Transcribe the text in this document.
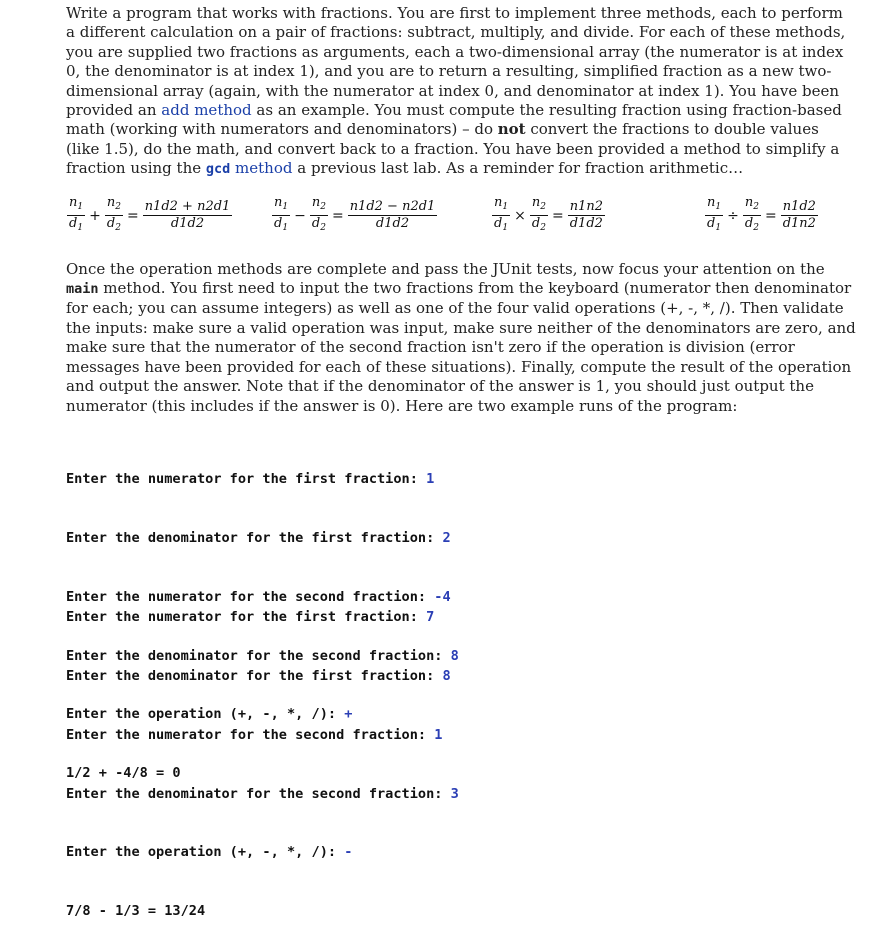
Write a program that works with fractions. You are first to implement three methods, each to perform a different calculation on a pair of fractions: subtract, multiply, and divide. For each of these methods, you are supplied two fractions as arguments, each a two-dimensional array (the numerator is at index 0, the denominator is at index 1), and you are to return a resulting, simplified fraction as a new two-dimensional array (again, with the numerator at index 0, and denominator at index 1). You have been provided an add method as an example. You must compute the resulting fraction using fraction-based math (working with numerators and denominators) – do not convert the fractions to double values (like 1.5), do the math, and convert back to a fraction. You have been provided a method to simplify a fraction using the gcd method a previous last lab. As a reminder for fraction arithmetic…

$\frac{n_1}{d_1} + \frac{n_2}{d_2} = \frac{n1d2 + n2d1}{d1d2}$	$\frac{n_1}{d_1} - \frac{n_2}{d_2} = \frac{n1d2 - n2d1}{d1d2}$	$\frac{n_1}{d_1} \times \frac{n_2}{d_2} = \frac{n1n2}{d1d2}$	$\frac{n_1}{d_1} \div \frac{n_2}{d_2} = \frac{n1d2}{d1n2}$

Once the operation methods are complete and pass the JUnit tests, now focus your attention on the main method. You first need to input the two fractions from the keyboard (numerator then denominator for each; you can assume integers) as well as one of the four valid operations (+, -, *, /). Then validate the inputs: make sure a valid operation was input, make sure neither of the denominators are zero, and make sure that the numerator of the second fraction isn't zero if the operation is division (error messages have been provided for each of these situations). Finally, compute the result of the operation and output the answer. Note that if the denominator of the answer is 1, you should just output the numerator (this includes if the answer is 0). Here are two example runs of the program:

Enter the numerator for the first fraction: 1

Enter the denominator for the first fraction: 2

Enter the numerator for the second fraction: -4

Enter the denominator for the second fraction: 8

Enter the operation (+, -, *, /): +

1/2 + -4/8 = 0

Enter the numerator for the first fraction: 7

Enter the denominator for the first fraction: 8

Enter the numerator for the second fraction: 1

Enter the denominator for the second fraction: 3

Enter the operation (+, -, *, /): -

7/8 - 1/3 = 13/24
